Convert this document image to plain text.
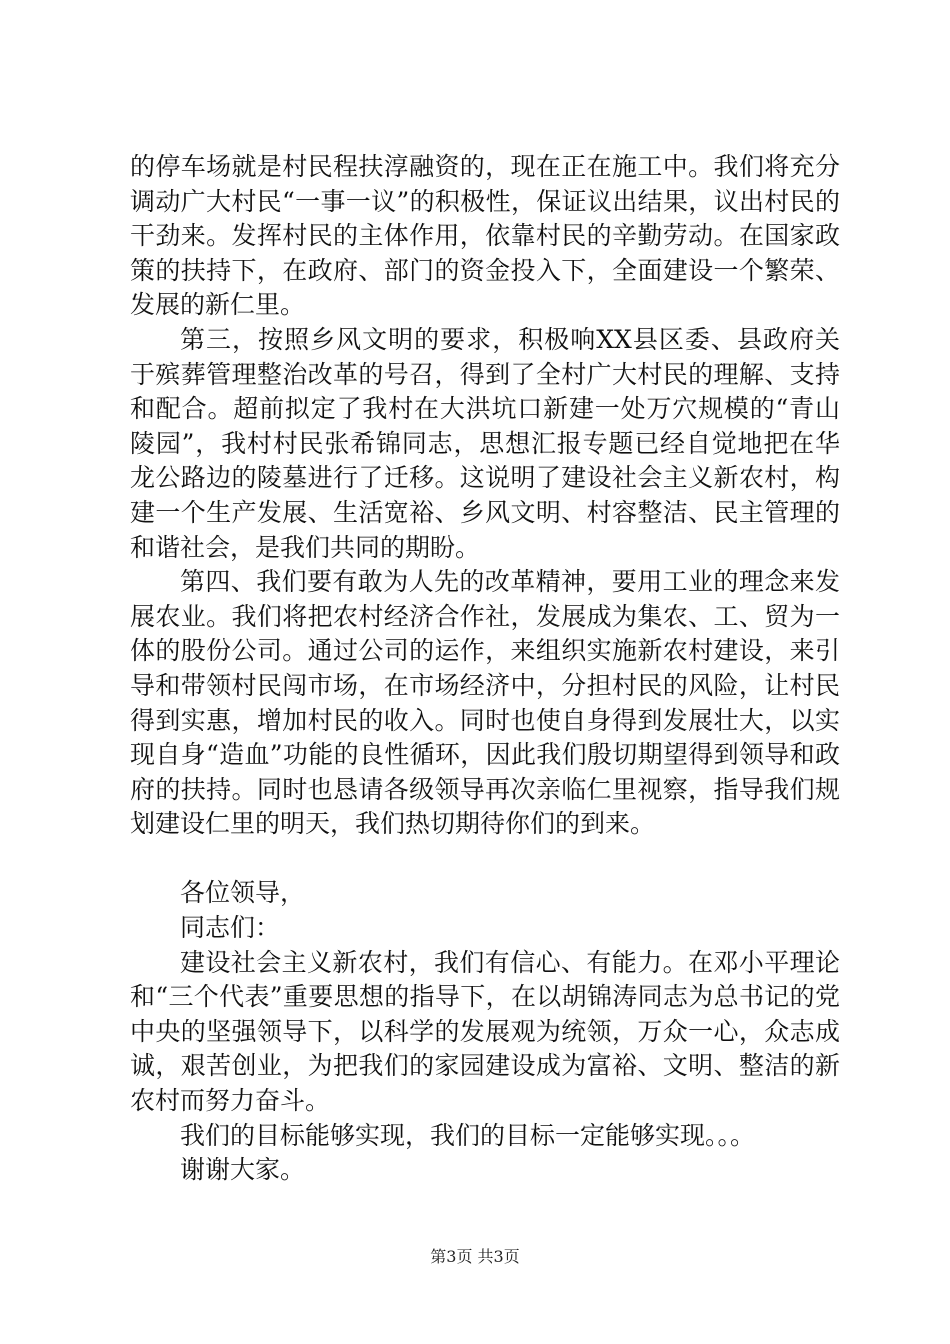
的停车场就是村民程扶淳融资的，现在正在施工中。我们将充分调动广大村民“一事一议”的积极性，保证议出结果，议出村民的干劲来。发挥村民的主体作用，依靠村民的辛勤劳动。在国家政策的扶持下，在政府、部门的资金投入下，全面建设一个繁荣、发展的新仁里。

第三，按照乡风文明的要求，积极响XX县区委、县政府关于殡葬管理整治改革的号召，得到了全村广大村民的理解、支持和配合。超前拟定了我村在大洪坑口新建一处万穴规模的“青山陵园”，我村村民张希锦同志，思想汇报专题已经自觉地把在华龙公路边的陵墓进行了迁移。这说明了建设社会主义新农村，构建一个生产发展、生活宽裕、乡风文明、村容整洁、民主管理的和谐社会，是我们共同的期盼。

第四、我们要有敢为人先的改革精神，要用工业的理念来发展农业。我们将把农村经济合作社，发展成为集农、工、贸为一体的股份公司。通过公司的运作，来组织实施新农村建设，来引导和带领村民闯市场，在市场经济中，分担村民的风险，让村民得到实惠，增加村民的收入。同时也使自身得到发展壮大，以实现自身“造血”功能的良性循环，因此我们殷切期望得到领导和政府的扶持。同时也恳请各级领导再次亲临仁里视察，指导我们规划建设仁里的明天，我们热切期待你们的到来。

各位领导，

同志们：

建设社会主义新农村，我们有信心、有能力。在邓小平理论和“三个代表”重要思想的指导下，在以胡锦涛同志为总书记的党中央的坚强领导下，以科学的发展观为统领，万众一心，众志成诚，艰苦创业，为把我们的家园建设成为富裕、文明、整洁的新农村而努力奋斗。

我们的目标能够实现，我们的目标一定能够实现。。。

谢谢大家。

第3页 共3页
